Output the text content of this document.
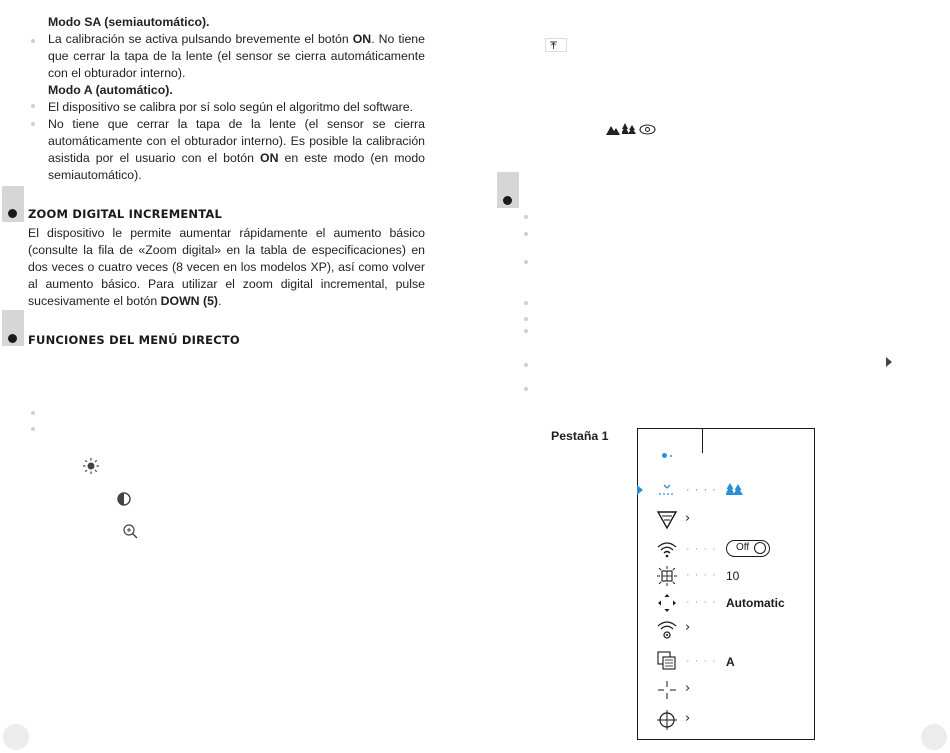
Modo SA (semiautomático).
La calibración se activa pulsando brevemente el botón ON. No tiene que cerrar la tapa de la lente (el sensor se cierra automáticamente con el obturador interno).
Modo A (automático).
El dispositivo se calibra por sí solo según el algoritmo del software.
No tiene que cerrar la tapa de la lente (el sensor se cierra automáticamente con el obturador interno). Es posible la calibración asistida por el usuario con el botón ON en este modo (en modo semiautomático).
ZOOM DIGITAL INCREMENTAL
El dispositivo le permite aumentar rápidamente el aumento básico (consulte la fila de «Zoom digital» en la tabla de especificaciones) en dos veces o cuatro veces (8 vecen en los modelos XP), así como volver al aumento básico. Para utilizar el zoom digital incremental, pulse sucesivamente el botón DOWN (5).
FUNCIONES DEL MENÚ DIRECTO
Pestaña 1
· · · ·
›
· · · · Off
· · · · 10
· · · · Automatic
›
· · · · A
›
›
